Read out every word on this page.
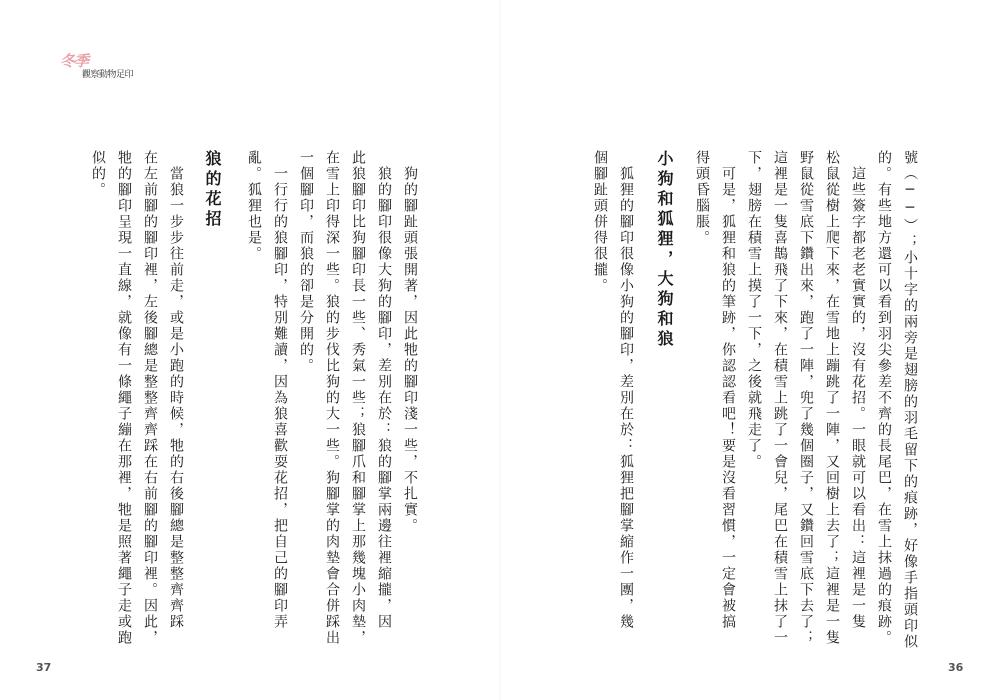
冬季
觀察動物足印
號（──）；小十字的兩旁是翅膀的羽毛留下的痕跡，好像手指頭印似
的。有些地方還可以看到羽尖參差不齊的長尾巴，在雪上抹過的痕跡。
這些簽字都老老實實的，沒有花招。一眼就可以看出：這裡是一隻
松鼠從樹上爬下來，在雪地上蹦跳了一陣，又回樹上去了；這裡是一隻
野鼠從雪底下鑽出來，跑了一陣，兜了幾個圈子，又鑽回雪底下去了；
這裡是一隻喜鵲飛了下來，在積雪上跳了一會兒，尾巴在積雪上抹了一
下，翅膀在積雪上摸了一下，之後就飛走了。
可是，狐狸和狼的筆跡，你認認看吧！要是沒看習慣，一定會被搞
得頭昏腦脹。
小狗和狐狸，大狗和狼
狐狸的腳印很像小狗的腳印，差別在於：狐狸把腳掌縮作一團，幾
個腳趾頭併得很攏。
36
狗的腳趾頭張開著，因此牠的腳印淺一些，不扎實。
狼的腳印很像大狗的腳印，差別在於：狼的腳掌兩邊往裡縮攏，因
此狼腳印比狗腳印長一些、秀氣一些；狼腳爪和腳掌上那幾塊小肉墊，
在雪上印得深一些。狼的步伐比狗的大一些。狗腳掌的肉墊會合併踩出
一個腳印，而狼的卻是分開的。
一行行的狼腳印，特別難讀，因為狼喜歡耍花招，把自己的腳印弄
亂。狐狸也是。
狼的花招
當狼一步步往前走，或是小跑的時候，牠的右後腳總是整整齊齊踩
在左前腳的腳印裡，左後腳總是整整齊齊踩在右前腳的腳印裡。因此，
牠的腳印呈現一直線，就像有一條繩子繃在那裡，牠是照著繩子走或跑
似的。
37
